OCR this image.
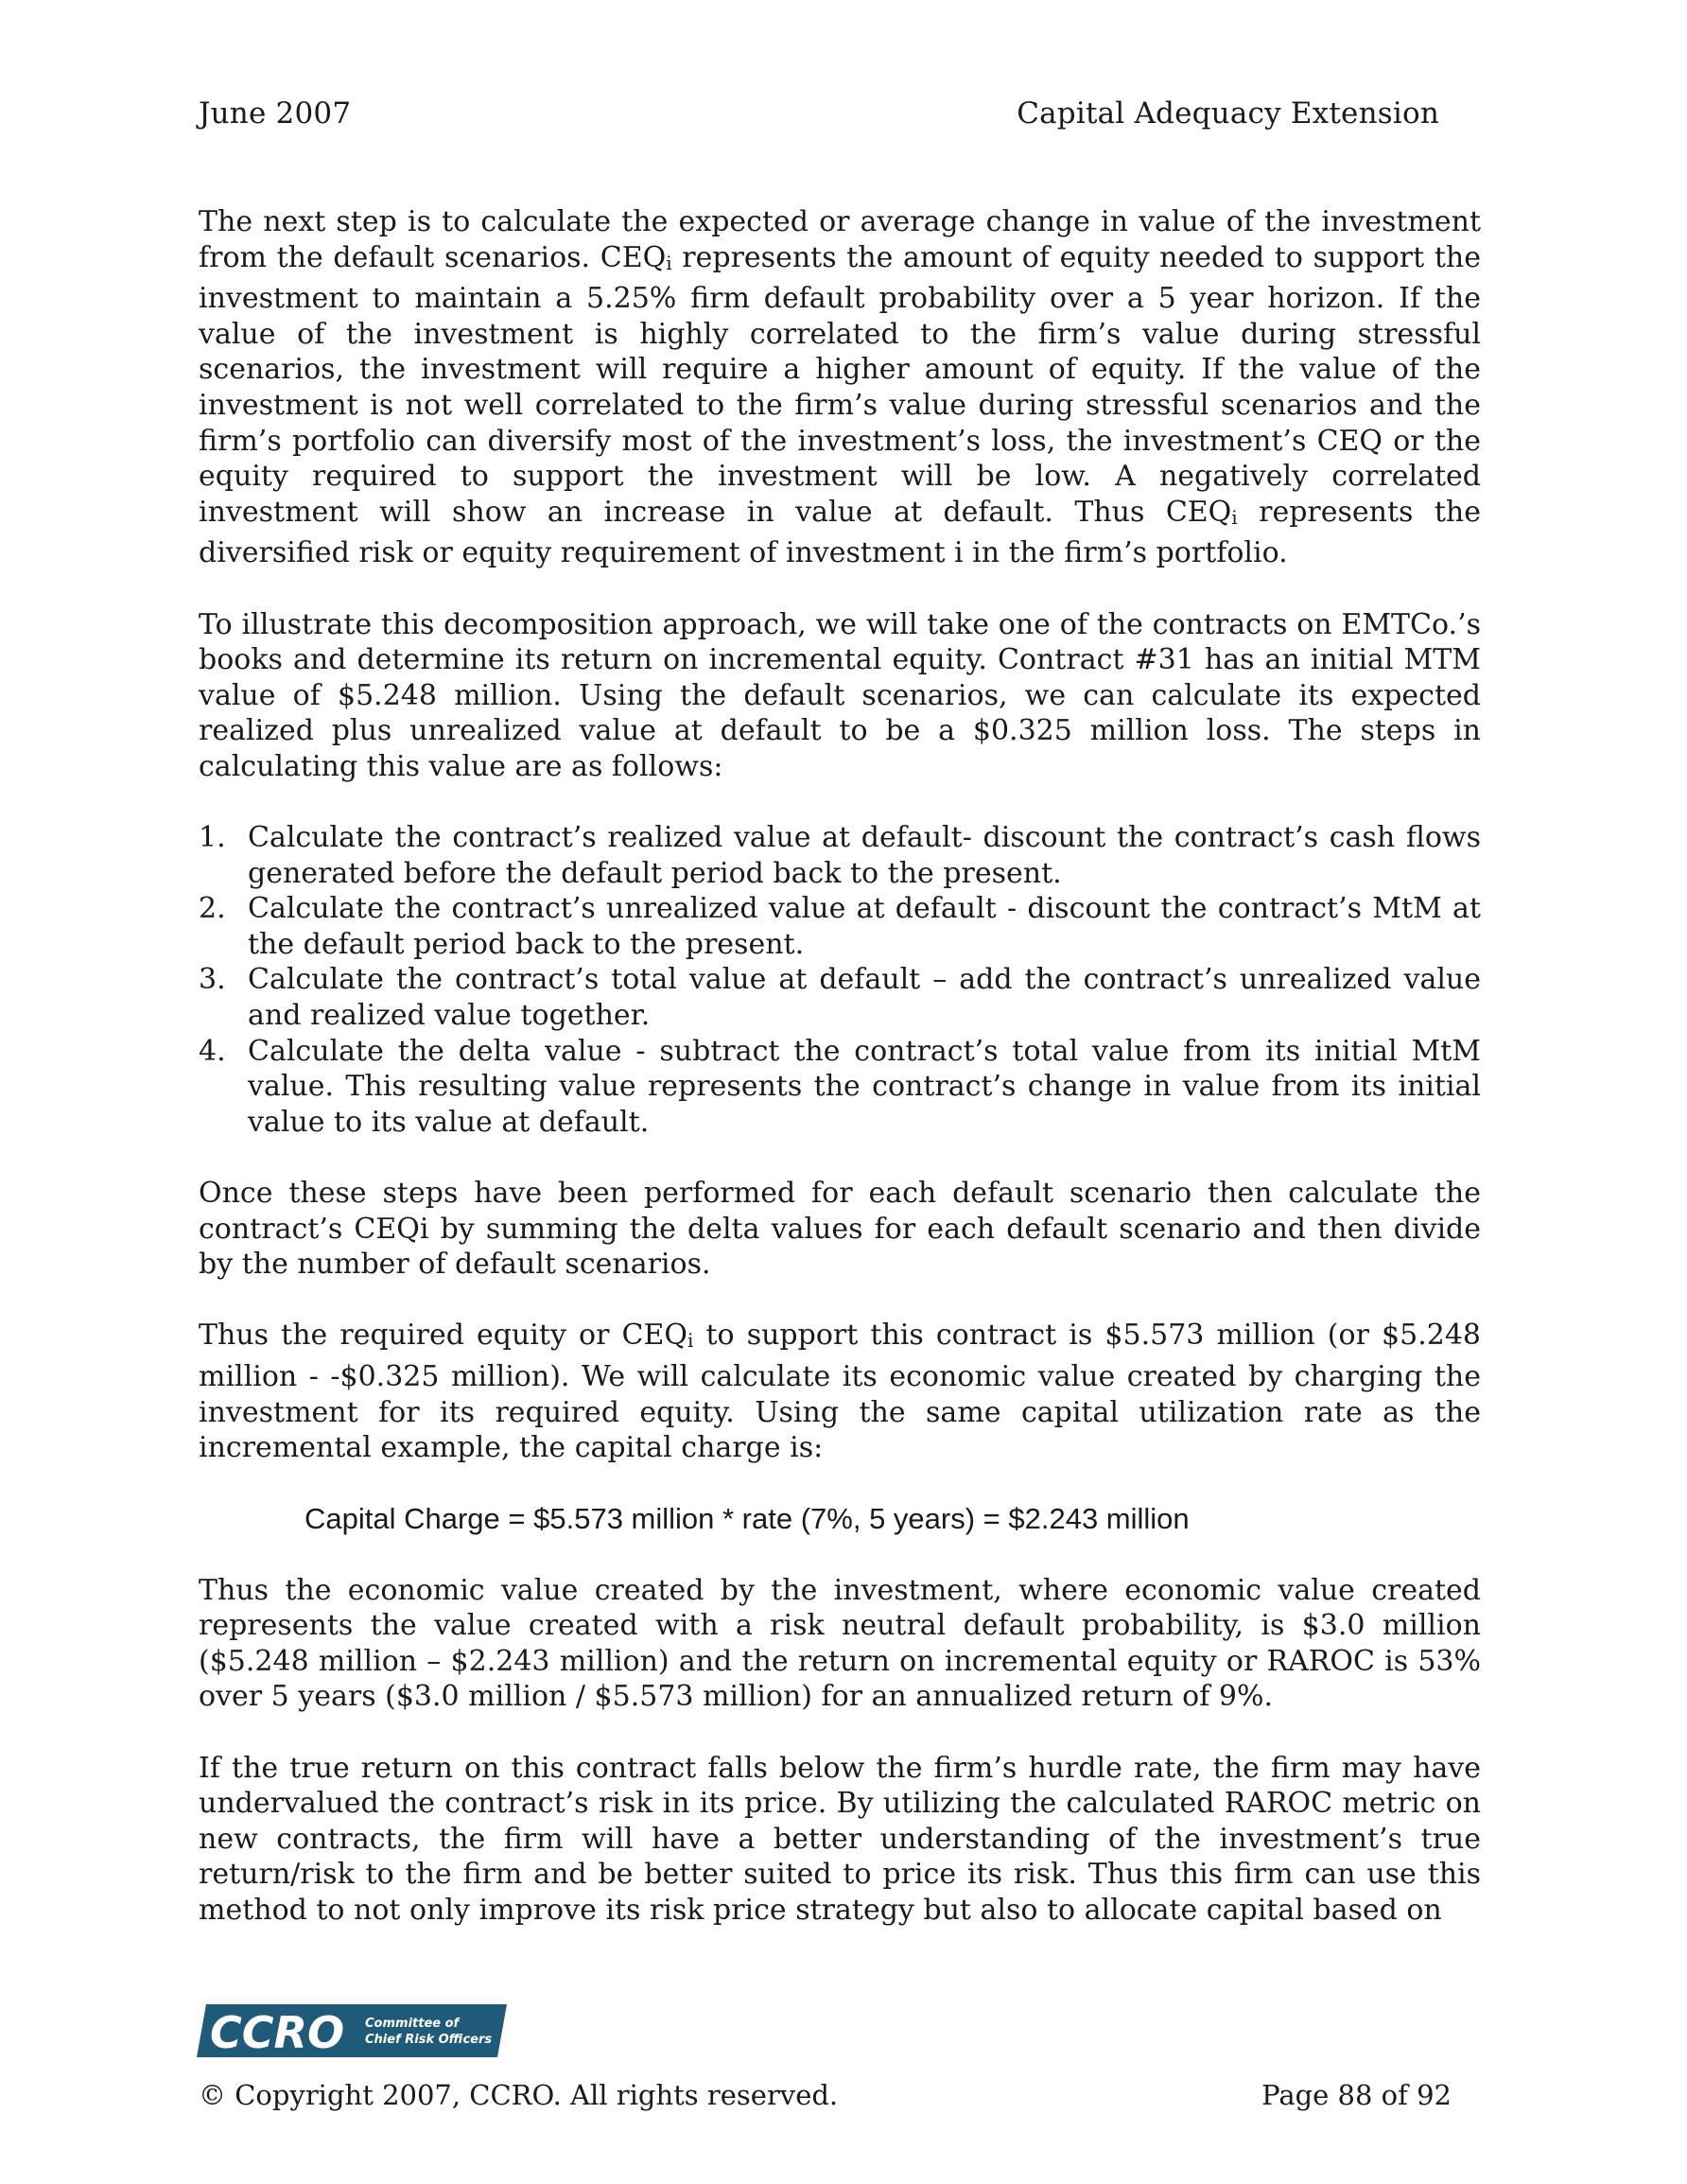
June 2007	Capital Adequacy Extension

The next step is to calculate the expected or average change in value of the investment from the default scenarios. CEQi represents the amount of equity needed to support the investment to maintain a 5.25% firm default probability over a 5 year horizon. If the value of the investment is highly correlated to the firm’s value during stressful scenarios, the investment will require a higher amount of equity. If the value of the investment is not well correlated to the firm’s value during stressful scenarios and the firm’s portfolio can diversify most of the investment’s loss, the investment’s CEQ or the equity required to support the investment will be low. A negatively correlated investment will show an increase in value at default. Thus CEQi represents the diversified risk or equity requirement of investment i in the firm’s portfolio.

To illustrate this decomposition approach, we will take one of the contracts on EMTCo.’s books and determine its return on incremental equity. Contract #31 has an initial MTM value of $5.248 million. Using the default scenarios, we can calculate its expected realized plus unrealized value at default to be a $0.325 million loss. The steps in calculating this value are as follows:

1. Calculate the contract’s realized value at default- discount the contract’s cash flows generated before the default period back to the present.
2. Calculate the contract’s unrealized value at default - discount the contract’s MtM at the default period back to the present.
3. Calculate the contract’s total value at default – add the contract’s unrealized value and realized value together.
4. Calculate the delta value - subtract the contract’s total value from its initial MtM value. This resulting value represents the contract’s change in value from its initial value to its value at default.

Once these steps have been performed for each default scenario then calculate the contract’s CEQi by summing the delta values for each default scenario and then divide by the number of default scenarios.

Thus the required equity or CEQi to support this contract is $5.573 million (or $5.248 million - -$0.325 million). We will calculate its economic value created by charging the investment for its required equity. Using the same capital utilization rate as the incremental example, the capital charge is:

Capital Charge = $5.573 million * rate (7%, 5 years) = $2.243 million

Thus the economic value created by the investment, where economic value created represents the value created with a risk neutral default probability, is $3.0 million ($5.248 million – $2.243 million) and the return on incremental equity or RAROC is 53% over 5 years ($3.0 million / $5.573 million) for an annualized return of 9%.

If the true return on this contract falls below the firm’s hurdle rate, the firm may have undervalued the contract’s risk in its price. By utilizing the calculated RAROC metric on new contracts, the firm will have a better understanding of the investment’s true return/risk to the firm and be better suited to price its risk. Thus this firm can use this method to not only improve its risk price strategy but also to allocate capital based on

CCRO Committee of
Chief Risk Officers
© Copyright 2007, CCRO. All rights reserved.	Page 88 of 92
